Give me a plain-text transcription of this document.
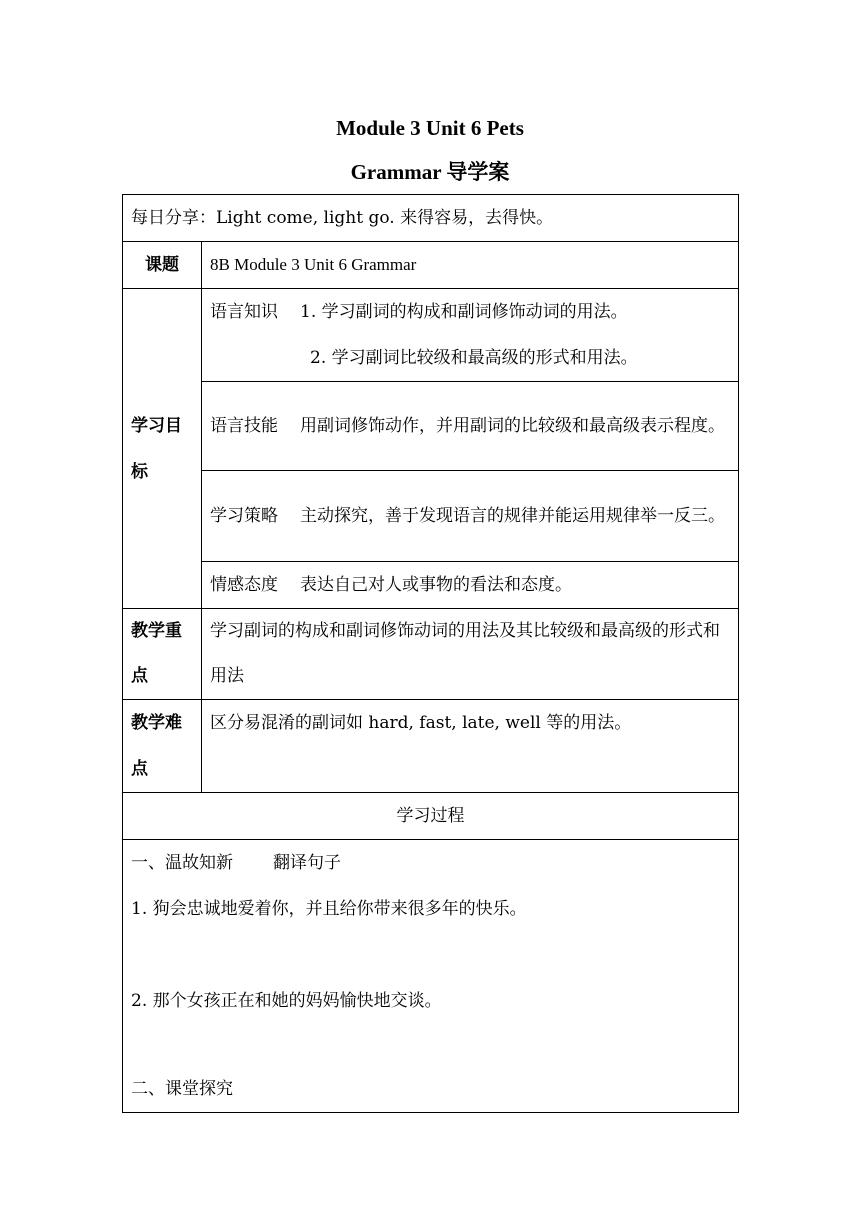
Module 3 Unit 6 Pets
Grammar 导学案
每日分享：Light come, light go. 来得容易，去得快。	
课题	8B Module 3 Unit 6 Grammar
学习目标	语言知识 1. 学习副词的构成和副词修饰动词的用法。
2. 学习副词比较级和最高级的形式和用法。

	语言技能 用副词修饰动作，并用副词的比较级和最高级表示程度。
	学习策略 主动探究，善于发现语言的规律并能运用规律举一反三。
	情感态度 表达自己对人或事物的看法和态度。
教学重点	学习副词的构成和副词修饰动词的用法及其比较级和最高级的形式和用法
教学难点	区分易混淆的副词如 hard, fast, late, well 等的用法。
学习过程	

一、温故知新 翻译句子
1. 狗会忠诚地爱着你，并且给你带来很多年的快乐。
2. 那个女孩正在和她的妈妈愉快地交谈。
二、课堂探究	
